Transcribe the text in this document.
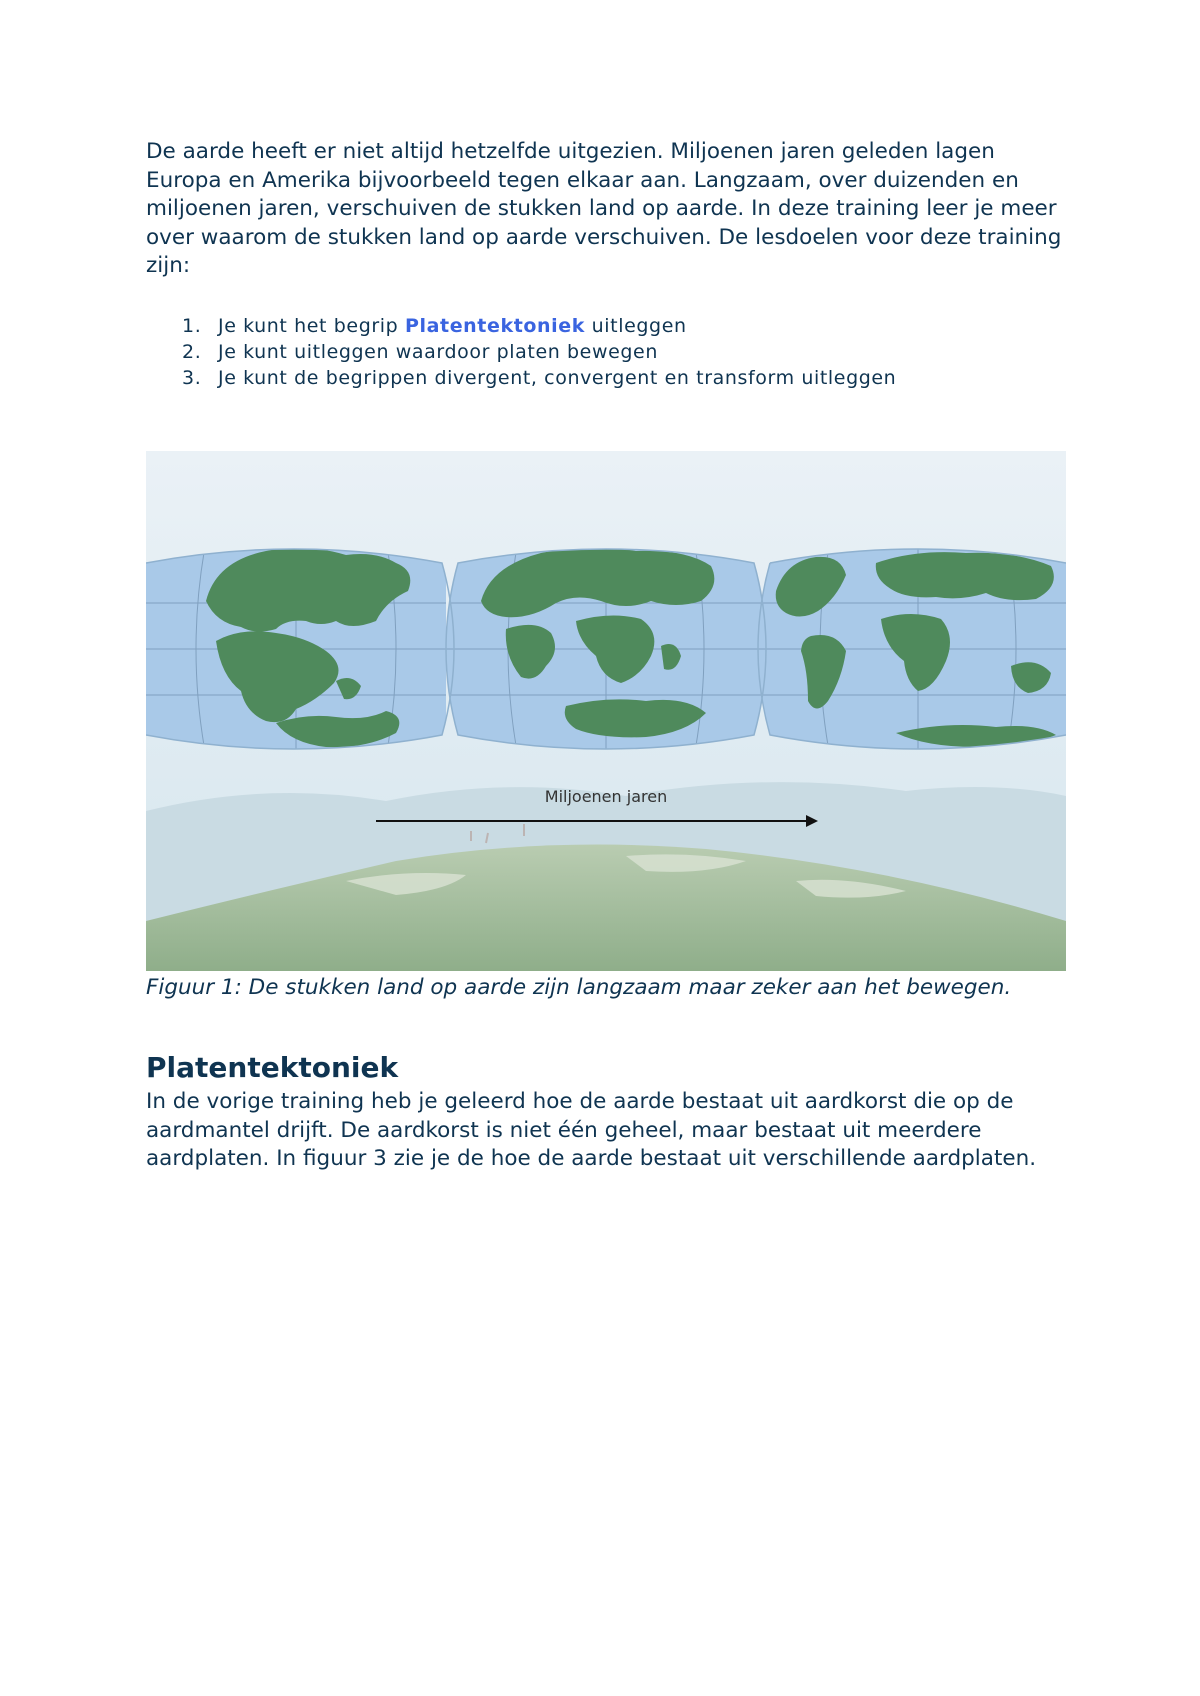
De aarde heeft er niet altijd hetzelfde uitgezien. Miljoenen jaren geleden lagen Europa en Amerika bijvoorbeeld tegen elkaar aan. Langzaam, over duizenden en miljoenen jaren, verschuiven de stukken land op aarde. In deze training leer je meer over waarom de stukken land op aarde verschuiven. De lesdoelen voor deze training zijn:

1. Je kunt het begrip Platentektoniek uitleggen
2. Je kunt uitleggen waardoor platen bewegen
3. Je kunt de begrippen divergent, convergent en transform uitleggen
Miljoenen jaren

Figuur 1: De stukken land op aarde zijn langzaam maar zeker aan het bewegen.

Platentektoniek

In de vorige training heb je geleerd hoe de aarde bestaat uit aardkorst die op de aardmantel drijft. De aardkorst is niet één geheel, maar bestaat uit meerdere aardplaten. In figuur 3 zie je de hoe de aarde bestaat uit verschillende aardplaten.
